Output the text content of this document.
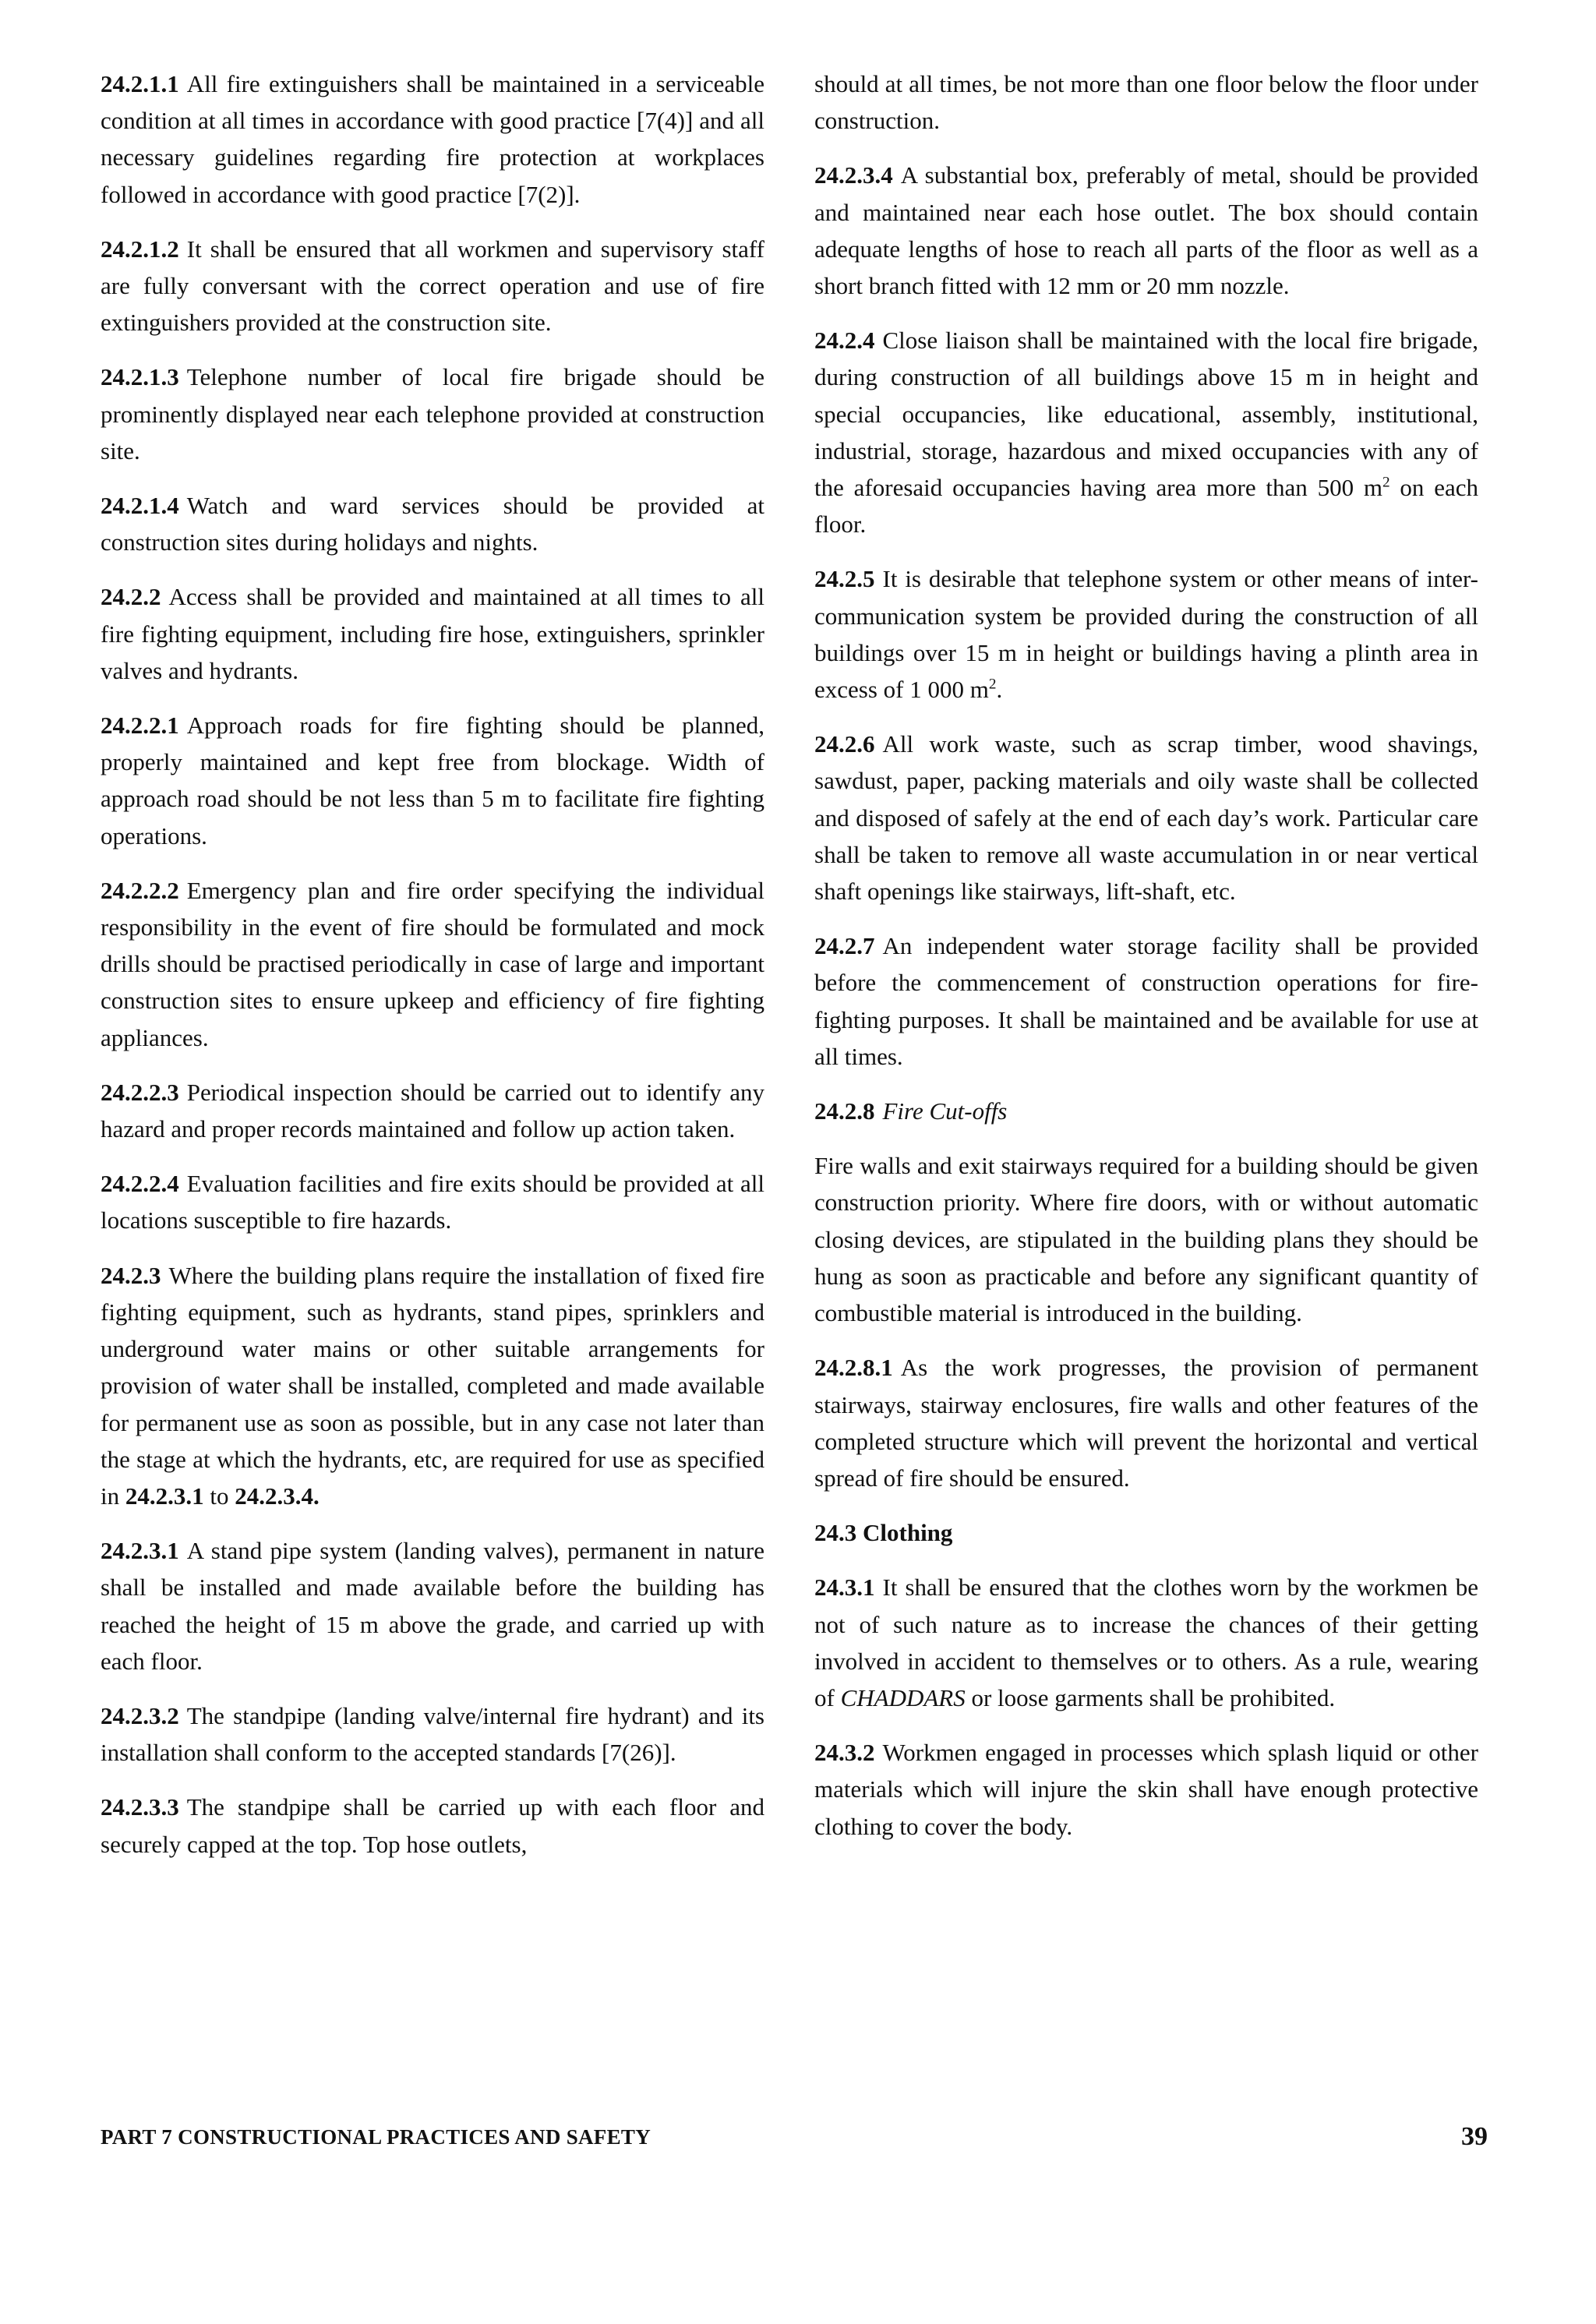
24.2.1.1 All fire extinguishers shall be maintained in a serviceable condition at all times in accordance with good practice [7(4)] and all necessary guidelines regarding fire protection at workplaces followed in accordance with good practice [7(2)].

24.2.1.2 It shall be ensured that all workmen and supervisory staff are fully conversant with the correct operation and use of fire extinguishers provided at the construction site.

24.2.1.3 Telephone number of local fire brigade should be prominently displayed near each telephone provided at construction site.

24.2.1.4 Watch and ward services should be provided at construction sites during holidays and nights.

24.2.2 Access shall be provided and maintained at all times to all fire fighting equipment, including fire hose, extinguishers, sprinkler valves and hydrants.

24.2.2.1 Approach roads for fire fighting should be planned, properly maintained and kept free from blockage. Width of approach road should be not less than 5 m to facilitate fire fighting operations.

24.2.2.2 Emergency plan and fire order specifying the individual responsibility in the event of fire should be formulated and mock drills should be practised periodically in case of large and important construction sites to ensure upkeep and efficiency of fire fighting appliances.

24.2.2.3 Periodical inspection should be carried out to identify any hazard and proper records maintained and follow up action taken.

24.2.2.4 Evaluation facilities and fire exits should be provided at all locations susceptible to fire hazards.

24.2.3 Where the building plans require the installation of fixed fire fighting equipment, such as hydrants, stand pipes, sprinklers and underground water mains or other suitable arrangements for provision of water shall be installed, completed and made available for permanent use as soon as possible, but in any case not later than the stage at which the hydrants, etc, are required for use as specified in 24.2.3.1 to 24.2.3.4.

24.2.3.1 A stand pipe system (landing valves), permanent in nature shall be installed and made available before the building has reached the height of 15 m above the grade, and carried up with each floor.

24.2.3.2 The standpipe (landing valve/internal fire hydrant) and its installation shall conform to the accepted standards [7(26)].

24.2.3.3 The standpipe shall be carried up with each floor and securely capped at the top. Top hose outlets,

should at all times, be not more than one floor below the floor under construction.

24.2.3.4 A substantial box, preferably of metal, should be provided and maintained near each hose outlet. The box should contain adequate lengths of hose to reach all parts of the floor as well as a short branch fitted with 12 mm or 20 mm nozzle.

24.2.4 Close liaison shall be maintained with the local fire brigade, during construction of all buildings above 15 m in height and special occupancies, like educational, assembly, institutional, industrial, storage, hazardous and mixed occupancies with any of the aforesaid occupancies having area more than 500 $m^2$ on each floor.

24.2.5 It is desirable that telephone system or other means of inter-communication system be provided during the construction of all buildings over 15 m in height or buildings having a plinth area in excess of 1 000 $m^2$.

24.2.6 All work waste, such as scrap timber, wood shavings, sawdust, paper, packing materials and oily waste shall be collected and disposed of safely at the end of each day’s work. Particular care shall be taken to remove all waste accumulation in or near vertical shaft openings like stairways, lift-shaft, etc.

24.2.7 An independent water storage facility shall be provided before the commencement of construction operations for fire-fighting purposes. It shall be maintained and be available for use at all times.

24.2.8 Fire Cut-offs

Fire walls and exit stairways required for a building should be given construction priority. Where fire doors, with or without automatic closing devices, are stipulated in the building plans they should be hung as soon as practicable and before any significant quantity of combustible material is introduced in the building.

24.2.8.1 As the work progresses, the provision of permanent stairways, stairway enclosures, fire walls and other features of the completed structure which will prevent the horizontal and vertical spread of fire should be ensured.

24.3 Clothing

24.3.1 It shall be ensured that the clothes worn by the workmen be not of such nature as to increase the chances of their getting involved in accident to themselves or to others. As a rule, wearing of CHADDARS or loose garments shall be prohibited.

24.3.2 Workmen engaged in processes which splash liquid or other materials which will injure the skin shall have enough protective clothing to cover the body.

PART 7 CONSTRUCTIONAL PRACTICES AND SAFETY	39
